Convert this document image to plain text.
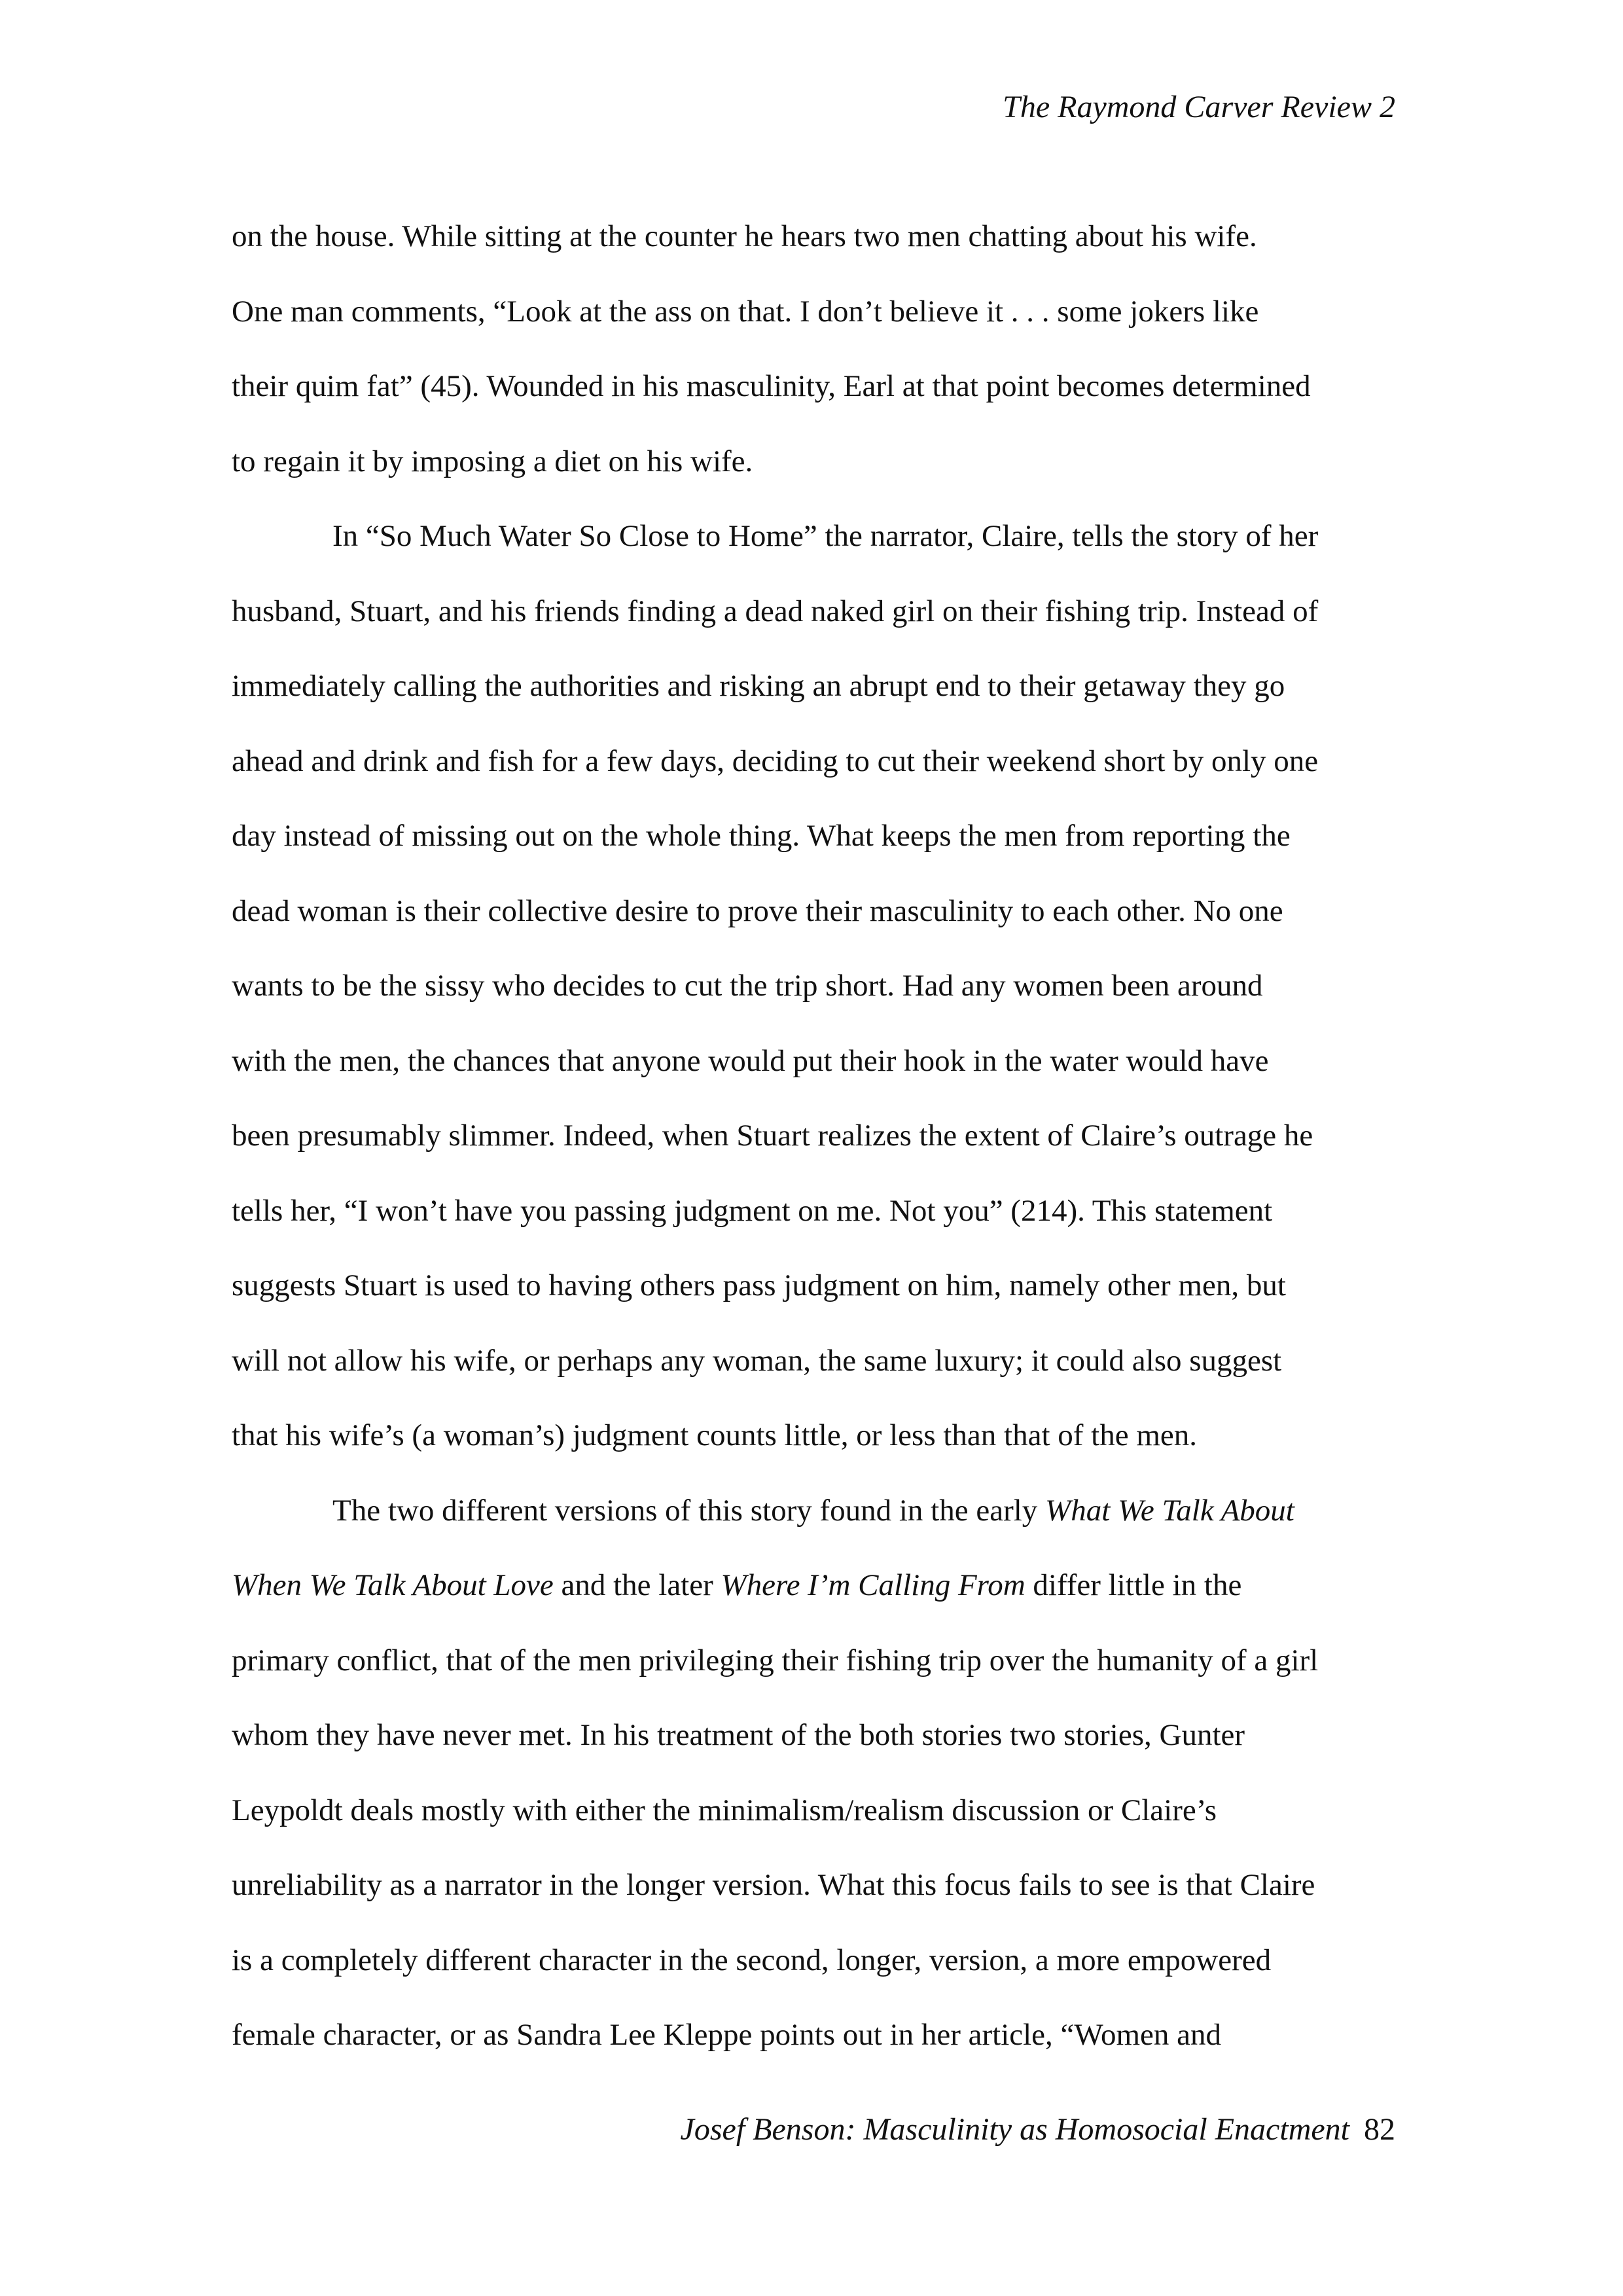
The Raymond Carver Review 2
on the house. While sitting at the counter he hears two men chatting about his wife.
One man comments, “Look at the ass on that. I don’t believe it . . . some jokers like
their quim fat” (45). Wounded in his masculinity, Earl at that point becomes determined
to regain it by imposing a diet on his wife.
In “So Much Water So Close to Home” the narrator, Claire, tells the story of her
husband, Stuart, and his friends finding a dead naked girl on their fishing trip. Instead of
immediately calling the authorities and risking an abrupt end to their getaway they go
ahead and drink and fish for a few days, deciding to cut their weekend short by only one
day instead of missing out on the whole thing. What keeps the men from reporting the
dead woman is their collective desire to prove their masculinity to each other. No one
wants to be the sissy who decides to cut the trip short. Had any women been around
with the men, the chances that anyone would put their hook in the water would have
been presumably slimmer. Indeed, when Stuart realizes the extent of Claire’s outrage he
tells her, “I won’t have you passing judgment on me. Not you” (214). This statement
suggests Stuart is used to having others pass judgment on him, namely other men, but
will not allow his wife, or perhaps any woman, the same luxury; it could also suggest
that his wife’s (a woman’s) judgment counts little, or less than that of the men.
The two different versions of this story found in the early What We Talk About
When We Talk About Love and the later Where I’m Calling From differ little in the
primary conflict, that of the men privileging their fishing trip over the humanity of a girl
whom they have never met. In his treatment of the both stories two stories, Gunter
Leypoldt deals mostly with either the minimalism/realism discussion or Claire’s
unreliability as a narrator in the longer version. What this focus fails to see is that Claire
is a completely different character in the second, longer, version, a more empowered
female character, or as Sandra Lee Kleppe points out in her article, “Women and
Josef Benson: Masculinity as Homosocial Enactment 82
